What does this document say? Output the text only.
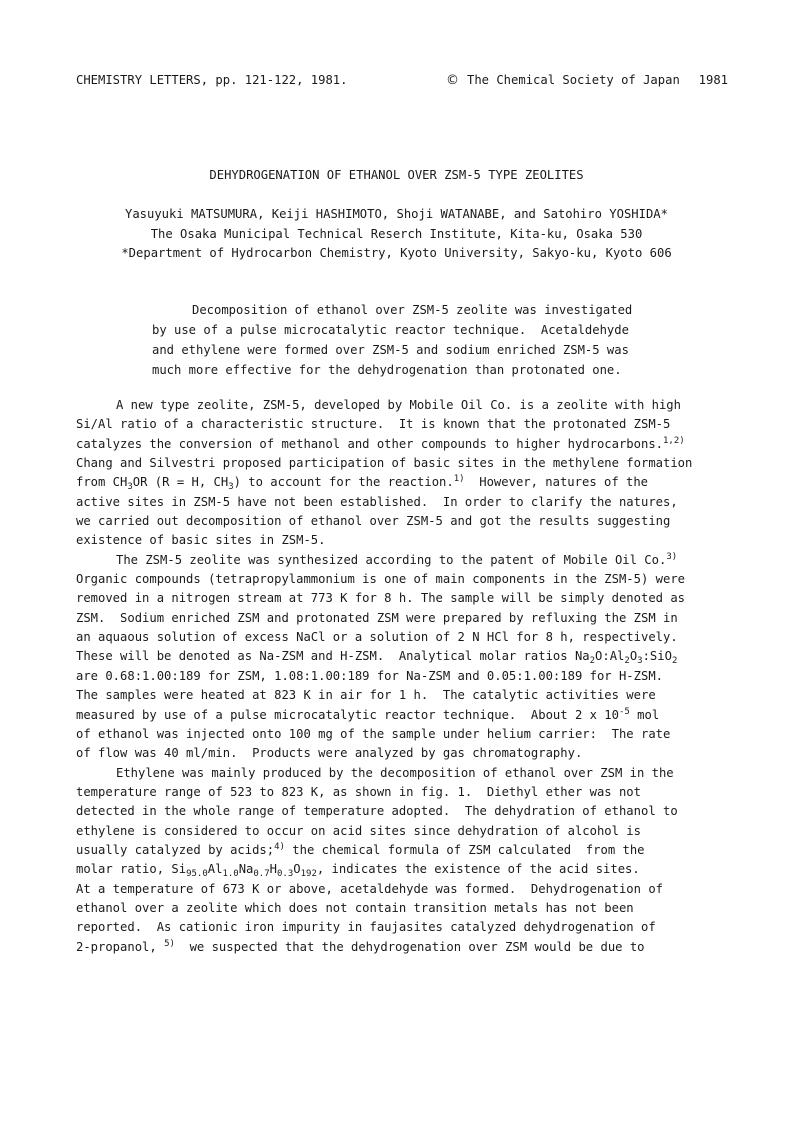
CHEMISTRY LETTERS, pp. 121-122, 1981.	© The Chemical Society of Japan 1981
DEHYDROGENATION OF ETHANOL OVER ZSM-5 TYPE ZEOLITES
Yasuyuki MATSUMURA, Keiji HASHIMOTO, Shoji WATANABE, and Satohiro YOSHIDA*
The Osaka Municipal Technical Reserch Institute, Kita-ku, Osaka 530
*Department of Hydrocarbon Chemistry, Kyoto University, Sakyo-ku, Kyoto 606
Decomposition of ethanol over ZSM-5 zeolite was investigated
by use of a pulse microcatalytic reactor technique.  Acetaldehyde
and ethylene were formed over ZSM-5 and sodium enriched ZSM-5 was
much more effective for the dehydrogenation than protonated one.
A new type zeolite, ZSM-5, developed by Mobile Oil Co. is a zeolite with high
Si/Al ratio of a characteristic structure.  It is known that the protonated ZSM-5
catalyzes the conversion of methanol and other compounds to higher hydrocarbons.$^{1,2)}$
Chang and Silvestri proposed participation of basic sites in the methylene formation
from $CH_3OR$ (R = H, $CH_3$) to account for the reaction.$^{1)}$  However, natures of the
active sites in ZSM-5 have not been established.  In order to clarify the natures,
we carried out decomposition of ethanol over ZSM-5 and got the results suggesting
existence of basic sites in ZSM-5.
The ZSM-5 zeolite was synthesized according to the patent of Mobile Oil Co.$^{3)}$
Organic compounds (tetrapropylammonium is one of main components in the ZSM-5) were
removed in a nitrogen stream at 773 K for 8 h. The sample will be simply denoted as
ZSM.  Sodium enriched ZSM and protonated ZSM were prepared by refluxing the ZSM in
an aquaous solution of excess NaCl or a solution of 2 N HCl for 8 h, respectively.
These will be denoted as Na-ZSM and H-ZSM.  Analytical molar ratios $Na_2O:Al_2O_3:SiO_2$
are 0.68:1.00:189 for ZSM, 1.08:1.00:189 for Na-ZSM and 0.05:1.00:189 for H-ZSM.
The samples were heated at 823 K in air for 1 h.  The catalytic activities were
measured by use of a pulse microcatalytic reactor technique.  About 2 x $10^{-5}$ mol
of ethanol was injected onto 100 mg of the sample under helium carrier:  The rate
of flow was 40 ml/min.  Products were analyzed by gas chromatography.
Ethylene was mainly produced by the decomposition of ethanol over ZSM in the
temperature range of 523 to 823 K, as shown in fig. 1.  Diethyl ether was not
detected in the whole range of temperature adopted.  The dehydration of ethanol to
ethylene is considered to occur on acid sites since dehydration of alcohol is
usually catalyzed by acids;$^{4)}$ the chemical formula of ZSM calculated  from the
molar ratio, $Si_{95.0}Al_{1.0}Na_{0.7}H_{0.3}O_{192}$, indicates the existence of the acid sites.
At a temperature of 673 K or above, acetaldehyde was formed.  Dehydrogenation of
ethanol over a zeolite which does not contain transition metals has not been
reported.  As cationic iron impurity in faujasites catalyzed dehydrogenation of
2-propanol, $^{5)}$  we suspected that the dehydrogenation over ZSM would be due to
